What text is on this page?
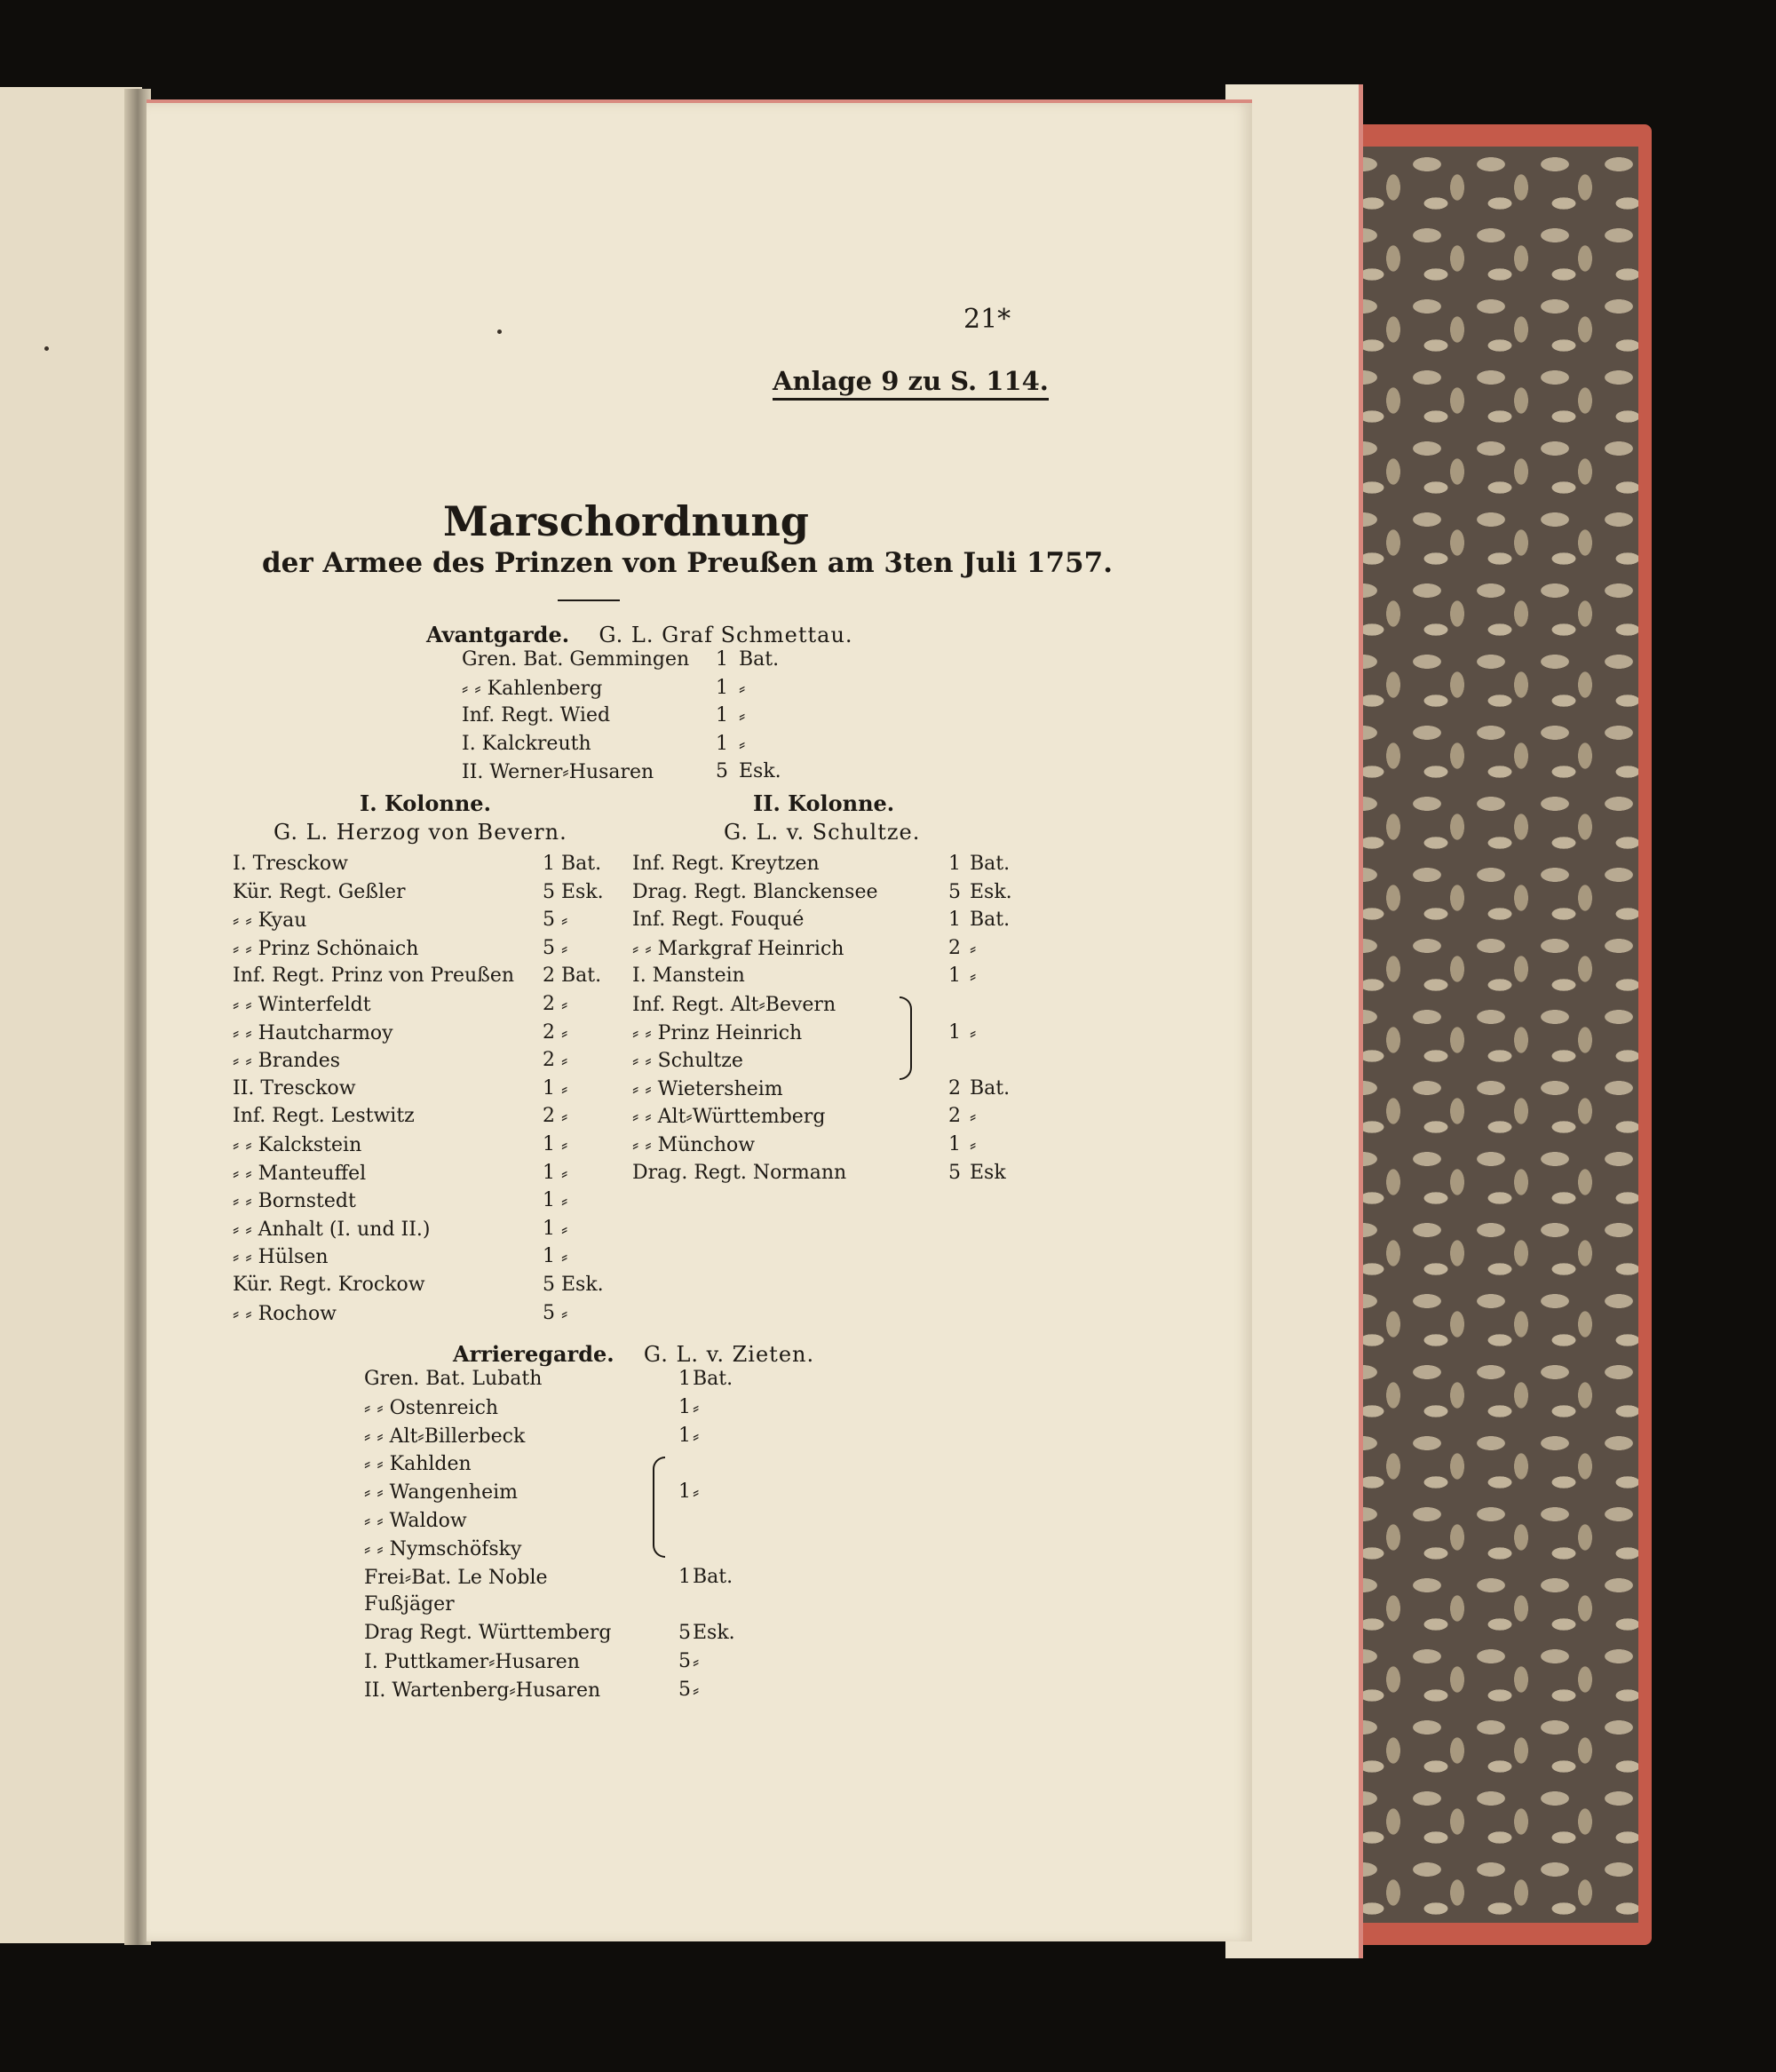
21*
Anlage 9 zu S. 114.
Marschordnung
der Armee des Prinzen von Preußen am 3ten Juli 1757.
Avantgarde. G. L. Graf Schmettau.
Gren. Bat. Gemmingen	1 Bat.
⸗ ⸗ Kahlenberg	1 ⸗
Inf. Regt. Wied	1 ⸗
I. Kalckreuth	1 ⸗
II. Werner⸗Husaren	5 Esk.
I. Kolonne.
G. L. Herzog von Bevern.
II. Kolonne.
G. L. v. Schultze.
I. Tresckow	1 Bat.
Kür. Regt. Geßler	5 Esk.
⸗ ⸗ Kyau	5 ⸗
⸗ ⸗ Prinz Schönaich	5 ⸗
Inf. Regt. Prinz von Preußen	2 Bat.
⸗ ⸗ Winterfeldt	2 ⸗
⸗ ⸗ Hautcharmoy	2 ⸗
⸗ ⸗ Brandes	2 ⸗
II. Tresckow	1 ⸗
Inf. Regt. Lestwitz	2 ⸗
⸗ ⸗ Kalckstein	1 ⸗
⸗ ⸗ Manteuffel	1 ⸗
⸗ ⸗ Bornstedt	1 ⸗
⸗ ⸗ Anhalt (I. und II.)	1 ⸗
⸗ ⸗ Hülsen	1 ⸗
Kür. Regt. Krockow	5 Esk.
⸗ ⸗ Rochow	5 ⸗
Inf. Regt. Kreytzen	1 Bat.
Drag. Regt. Blanckensee	5 Esk.
Inf. Regt. Fouqué	1 Bat.
⸗ ⸗ Markgraf Heinrich	2 ⸗
I. Manstein	1 ⸗
Inf. Regt. Alt⸗Bevern
⸗ ⸗ Prinz Heinrich	1 ⸗
⸗ ⸗ Schultze
⸗ ⸗ Wietersheim	2 Bat.
⸗ ⸗ Alt⸗Württemberg	2 ⸗
⸗ ⸗ Münchow	1 ⸗
Drag. Regt. Normann	5 Esk
Arrieregarde. G. L. v. Zieten.
Gren. Bat. Lubath	1 Bat.
⸗ ⸗ Ostenreich	1 ⸗
⸗ ⸗ Alt⸗Billerbeck	1 ⸗
⸗ ⸗ Kahlden
⸗ ⸗ Wangenheim	1 ⸗
⸗ ⸗ Waldow
⸗ ⸗ Nymschöfsky
Frei⸗Bat. Le Noble	1 Bat.
Fußjäger
Drag Regt. Württemberg	5 Esk.
I. Puttkamer⸗Husaren	5 ⸗
II. Wartenberg⸗Husaren	5 ⸗
